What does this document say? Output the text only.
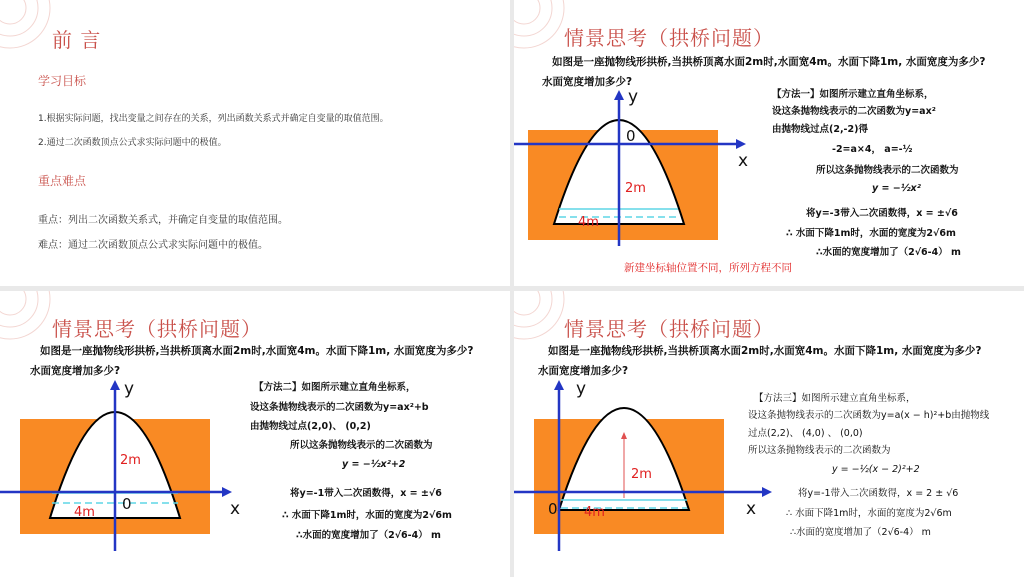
前 言
学习目标
1.根据实际问题，找出变量之间存在的关系，列出函数关系式并确定自变量的取值范围。
2.通过二次函数顶点公式求实际问题中的极值。
重点难点
重点：列出二次函数关系式，并确定自变量的取值范围。
难点：通过二次函数顶点公式求实际问题中的极值。
情景思考（拱桥问题）
如图是一座抛物线形拱桥,当拱桥顶离水面2m时,水面宽4m。水面下降1m, 水面宽度为多少?
水面宽度增加多少?
y
x
0
2m
4m
【方法一】如图所示建立直角坐标系，
设这条抛物线表示的二次函数为y=ax²
由抛物线过点(2,-2)得
-2=a×4， a=-½
所以这条抛物线表示的二次函数为
y = −½x²
将y=-3带入二次函数得，x = ±√6
∴ 水面下降1m时，水面的宽度为2√6m
∴水面的宽度增加了（2√6-4） m
新建坐标轴位置不同，所列方程不同
情景思考（拱桥问题）
如图是一座抛物线形拱桥,当拱桥顶离水面2m时,水面宽4m。水面下降1m, 水面宽度为多少?
水面宽度增加多少?
y
x
0
2m
4m
【方法二】如图所示建立直角坐标系，
设这条抛物线表示的二次函数为y=ax²+b
由抛物线过点(2,0)、 (0,2)
所以这条抛物线表示的二次函数为
y = −½x²+2
将y=-1带入二次函数得，x = ±√6
∴ 水面下降1m时，水面的宽度为2√6m
∴水面的宽度增加了（2√6-4） m
情景思考（拱桥问题）
如图是一座抛物线形拱桥,当拱桥顶离水面2m时,水面宽4m。水面下降1m, 水面宽度为多少?
水面宽度增加多少?
y
x
0
2m
4m
【方法三】如图所示建立直角坐标系，
设这条抛物线表示的二次函数为y=a(x − h)²+b由抛物线
过点(2,2)、 (4,0) 、 (0,0)
所以这条抛物线表示的二次函数为
y = −½(x − 2)²+2
将y=-1带入二次函数得，x = 2 ± √6
∴ 水面下降1m时，水面的宽度为2√6m
∴水面的宽度增加了（2√6-4） m
